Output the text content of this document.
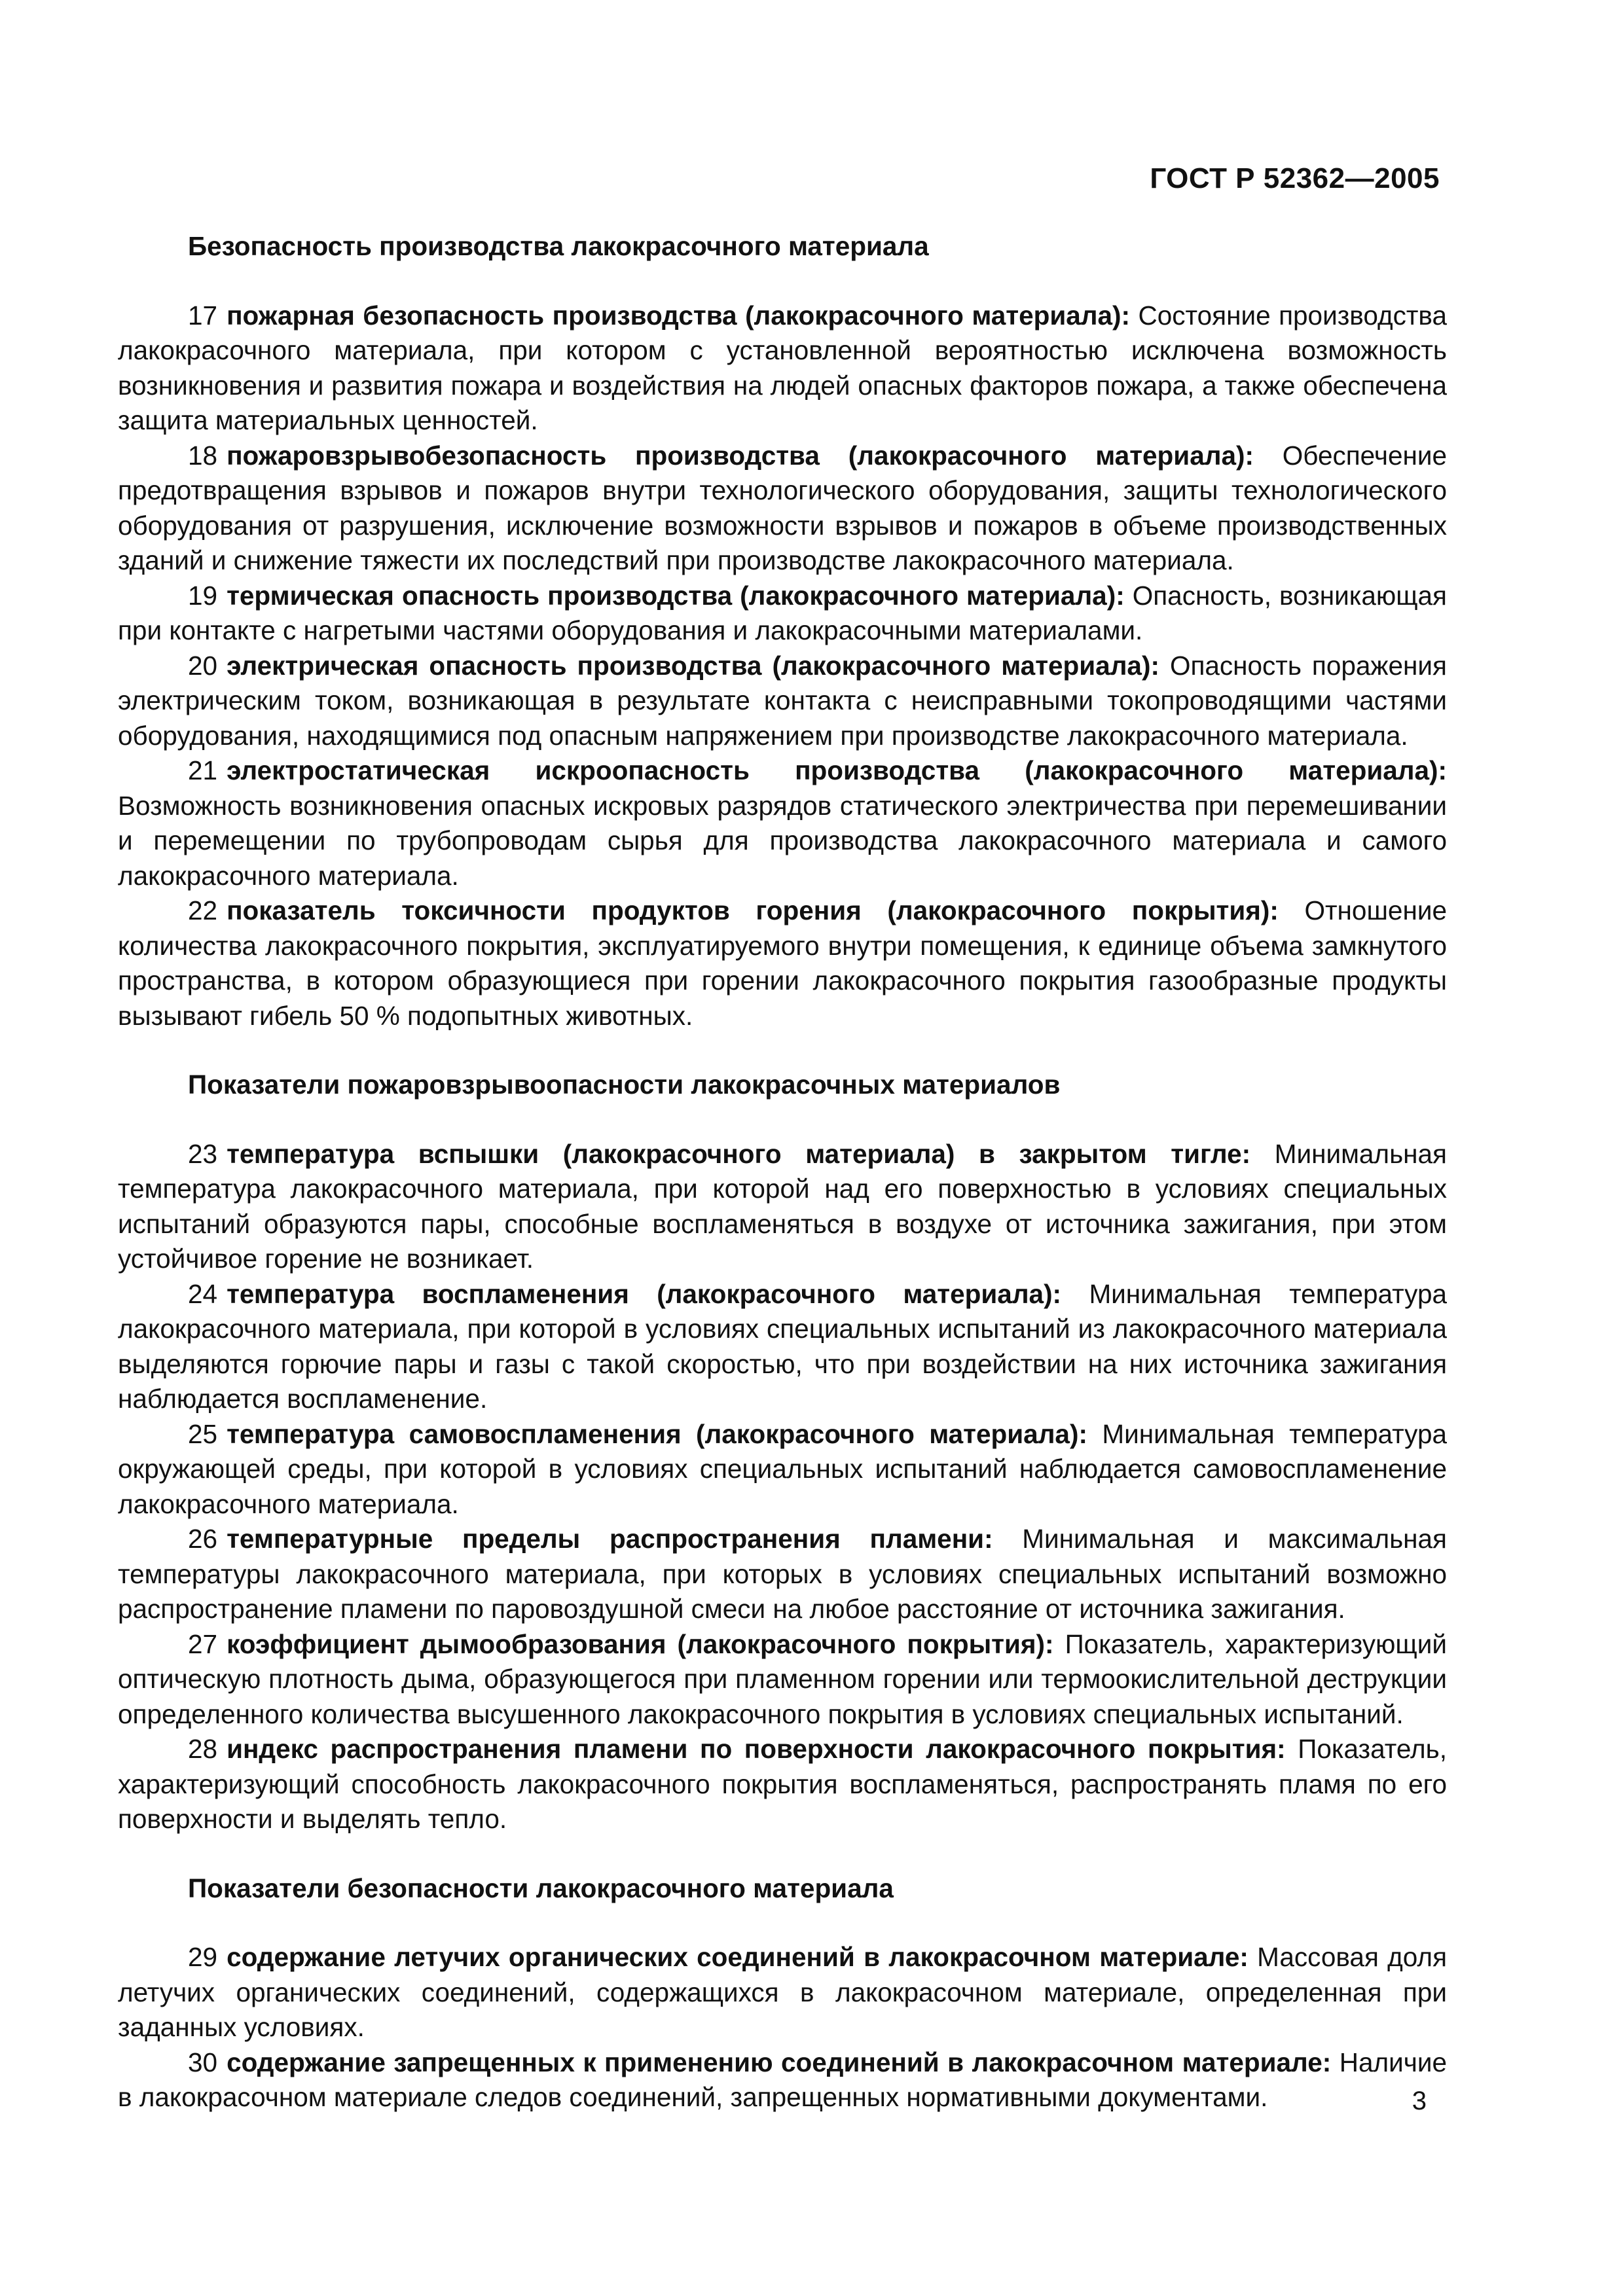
ГОСТ Р 52362—2005
Безопасность производства лакокрасочного материала

17 пожарная безопасность производства (лакокрасочного материала): Состояние производства лакокрасочного материала, при котором с установленной вероятностью исключена возможность возникновения и развития пожара и воздействия на людей опасных факторов пожара, а также обеспечена защита материальных ценностей.

18 пожаровзрывобезопасность производства (лакокрасочного материала): Обеспечение предотвращения взрывов и пожаров внутри технологического оборудования, защиты технологического оборудования от разрушения, исключение возможности взрывов и пожаров в объеме производственных зданий и снижение тяжести их последствий при производстве лакокрасочного материала.

19 термическая опасность производства (лакокрасочного материала): Опасность, возникающая при контакте с нагретыми частями оборудования и лакокрасочными материалами.

20 электрическая опасность производства (лакокрасочного материала): Опасность поражения электрическим током, возникающая в результате контакта с неисправными токопроводящими частями оборудования, находящимися под опасным напряжением при производстве лакокрасочного материала.

21 электростатическая искроопасность производства (лакокрасочного материала): Возможность возникновения опасных искровых разрядов статического электричества при перемешивании и перемещении по трубопроводам сырья для производства лакокрасочного материала и самого лакокрасочного материала.

22 показатель токсичности продуктов горения (лакокрасочного покрытия): Отношение количества лакокрасочного покрытия, эксплуатируемого внутри помещения, к единице объема замкнутого пространства, в котором образующиеся при горении лакокрасочного покрытия газообразные продукты вызывают гибель 50 % подопытных животных.

Показатели пожаровзрывоопасности лакокрасочных материалов

23 температура вспышки (лакокрасочного материала) в закрытом тигле: Минимальная температура лакокрасочного материала, при которой над его поверхностью в условиях специальных испытаний образуются пары, способные воспламеняться в воздухе от источника зажигания, при этом устойчивое горение не возникает.

24 температура воспламенения (лакокрасочного материала): Минимальная температура лакокрасочного материала, при которой в условиях специальных испытаний из лакокрасочного материала выделяются горючие пары и газы с такой скоростью, что при воздействии на них источника зажигания наблюдается воспламенение.

25 температура самовоспламенения (лакокрасочного материала): Минимальная температура окружающей среды, при которой в условиях специальных испытаний наблюдается самовоспламенение лакокрасочного материала.

26 температурные пределы распространения пламени: Минимальная и максимальная температуры лакокрасочного материала, при которых в условиях специальных испытаний возможно распространение пламени по паровоздушной смеси на любое расстояние от источника зажигания.

27 коэффициент дымообразования (лакокрасочного покрытия): Показатель, характеризующий оптическую плотность дыма, образующегося при пламенном горении или термоокислительной деструкции определенного количества высушенного лакокрасочного покрытия в условиях специальных испытаний.

28 индекс распространения пламени по поверхности лакокрасочного покрытия: Показатель, характеризующий способность лакокрасочного покрытия воспламеняться, распространять пламя по его поверхности и выделять тепло.

Показатели безопасности лакокрасочного материала

29 содержание летучих органических соединений в лакокрасочном материале: Массовая доля летучих органических соединений, содержащихся в лакокрасочном материале, определенная при заданных условиях.

30 содержание запрещенных к применению соединений в лакокрасочном материале: Наличие в лакокрасочном материале следов соединений, запрещенных нормативными документами.	3
